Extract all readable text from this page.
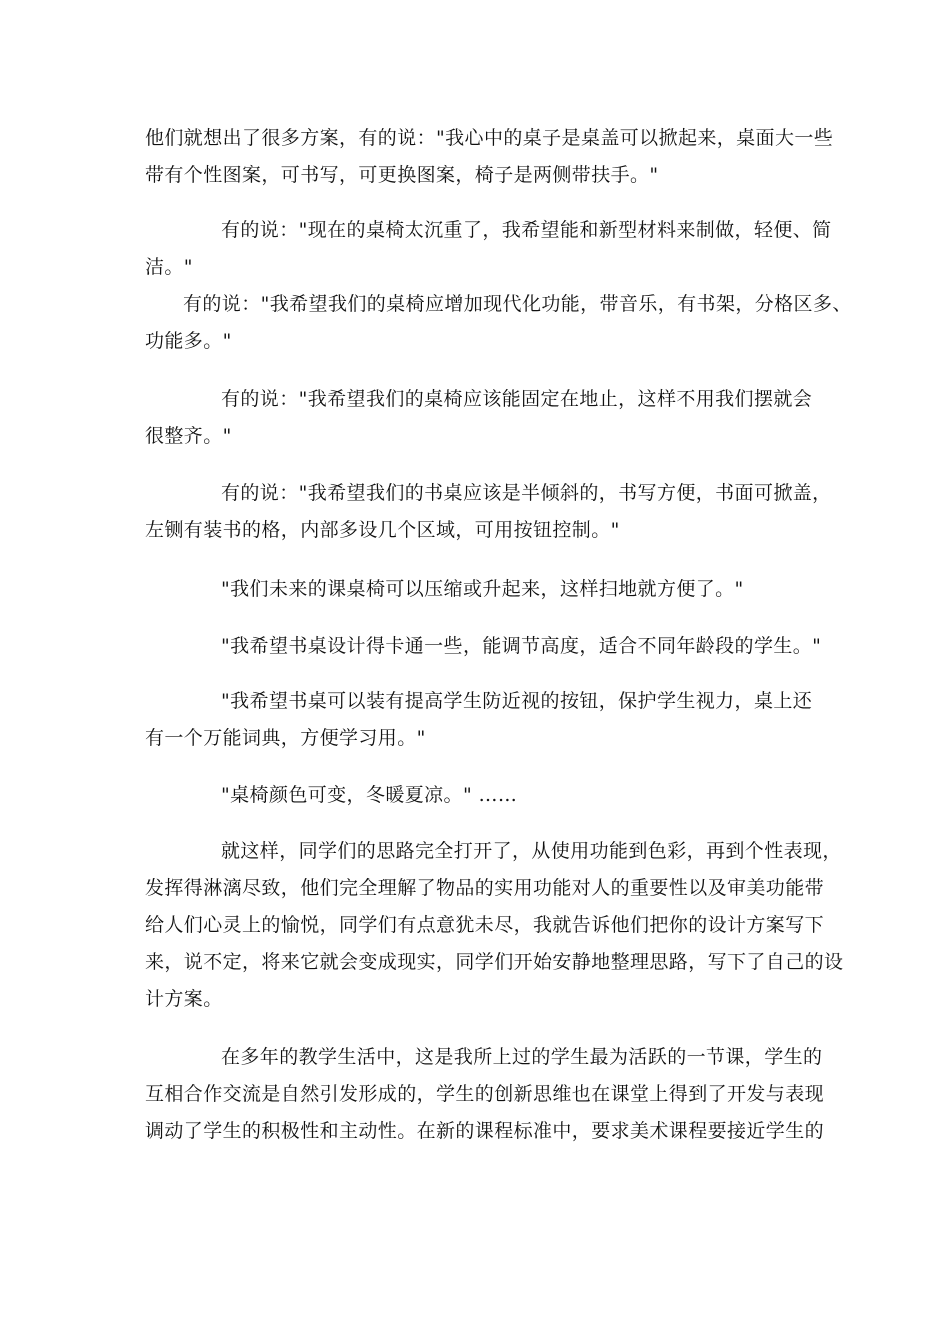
他们就想出了很多方案，有的说："我心中的桌子是桌盖可以掀起来，桌面大一些
带有个性图案，可书写，可更换图案，椅子是两侧带扶手。"

有的说："现在的桌椅太沉重了，我希望能和新型材料来制做，轻便、简
洁。"

有的说："我希望我们的桌椅应增加现代化功能，带音乐，有书架，分格区多、
功能多。"

有的说："我希望我们的桌椅应该能固定在地止，这样不用我们摆就会
很整齐。"

有的说："我希望我们的书桌应该是半倾斜的，书写方便，书面可掀盖，
左铡有装书的格，内部多设几个区域，可用按钮控制。"

"我们未来的课桌椅可以压缩或升起来，这样扫地就方便了。"

"我希望书桌设计得卡通一些，能调节高度，适合不同年龄段的学生。"

"我希望书桌可以装有提高学生防近视的按钮，保护学生视力，桌上还
有一个万能词典，方便学习用。"

"桌椅颜色可变，冬暖夏凉。" ……

就这样，同学们的思路完全打开了，从使用功能到色彩，再到个性表现，
发挥得淋漓尽致，他们完全理解了物品的实用功能对人的重要性以及审美功能带
给人们心灵上的愉悦，同学们有点意犹未尽，我就告诉他们把你的设计方案写下
来，说不定，将来它就会变成现实，同学们开始安静地整理思路，写下了自己的设
计方案。

在多年的教学生活中，这是我所上过的学生最为活跃的一节课，学生的
互相合作交流是自然引发形成的，学生的创新思维也在课堂上得到了开发与表现
调动了学生的积极性和主动性。在新的课程标准中，要求美术课程要接近学生的
